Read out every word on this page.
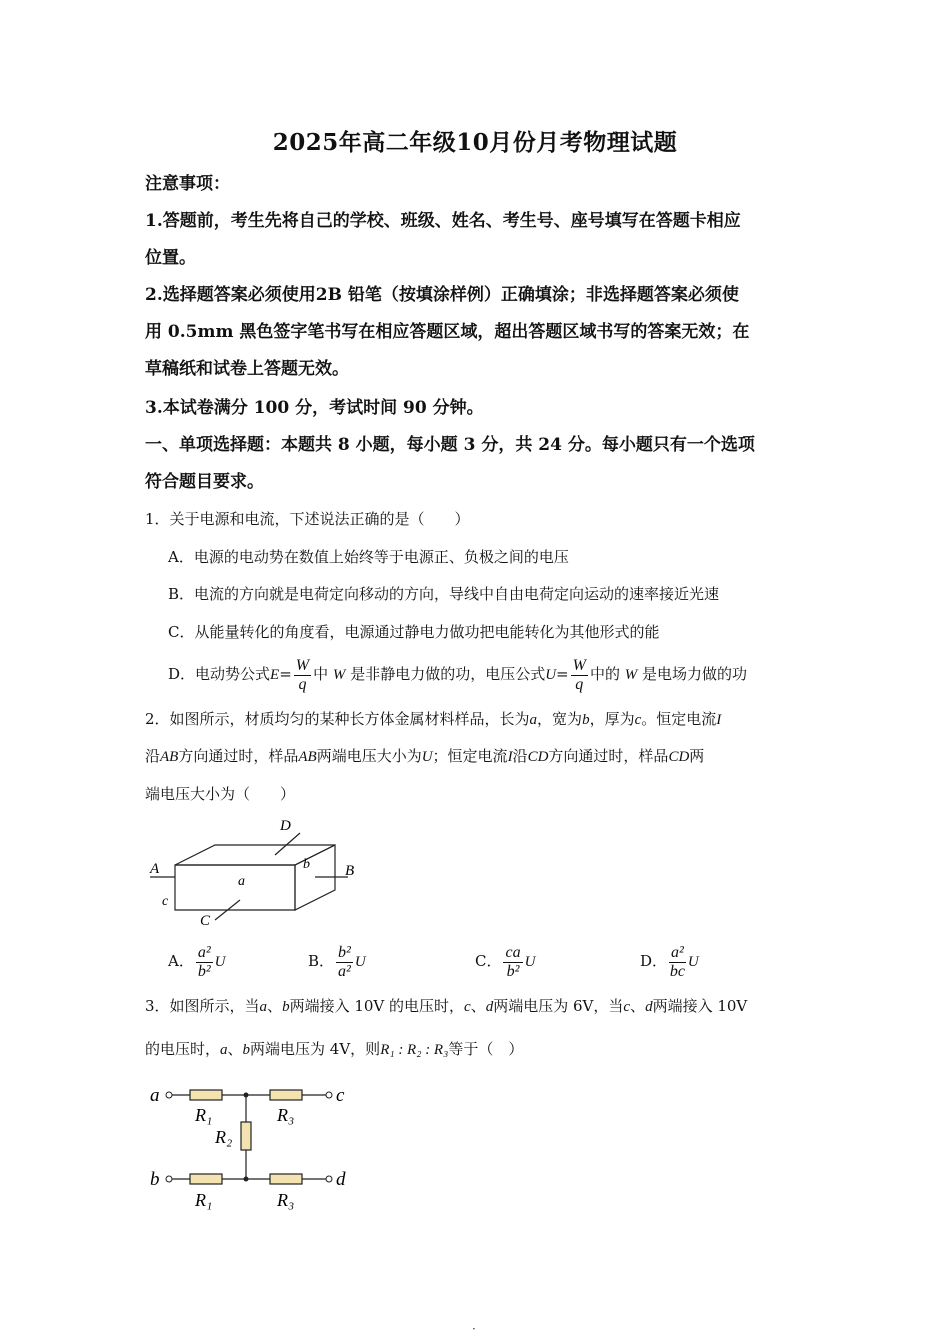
2025年高二年级10月份月考物理试题
注意事项：
1.答题前，考生先将自己的学校、班级、姓名、考生号、座号填写在答题卡相应
位置。
2.选择题答案必须使用2B 铅笔（按填涂样例）正确填涂；非选择题答案必须使
用 0.5mm 黑色签字笔书写在相应答题区域，超出答题区域书写的答案无效；在
草稿纸和试卷上答题无效。
3.本试卷满分 100 分，考试时间 90 分钟。
一、单项选择题：本题共 8 小题，每小题 3 分，共 24 分。每小题只有一个选项
符合题目要求。
1．关于电源和电流，下述说法正确的是（　　）
A．电源的电动势在数值上始终等于电源正、负极之间的电压
B．电流的方向就是电荷定向移动的方向，导线中自由电荷定向运动的速率接近光速
C．从能量转化的角度看，电源通过静电力做功把电能转化为其他形式的能
D．电动势公式$E= \frac{W}{q}$ 中 W 是非静电力做的功，电压公式$U= \frac{W}{q}$ 中的 W 是电场力做的功
2．如图所示，材质均匀的某种长方体金属材料样品，长为a，宽为b，厚为c。恒定电流I
沿AB方向通过时，样品AB两端电压大小为U；恒定电流I沿CD方向通过时，样品CD两
端电压大小为（　　）
A	B
D
C
a
b
c
A． $\frac{\text{a²}}{\text{b²}}$ U	B． $\frac{\text{b²}}{\text{a²}}$ U	C． $\frac{ca}{\text{b²}}$ U	D． $\frac{\text{a²}}{bc}$ U
3．如图所示，当a、b两端接入 10V 的电压时，c、d两端电压为 6V，当c、d两端接入 10V
的电压时，a、b两端电压为 4V，则R₁ : R₂ : R₃等于（　）
a	c
b	d
R₁	R₃
R₂
R₁	R₃
·
